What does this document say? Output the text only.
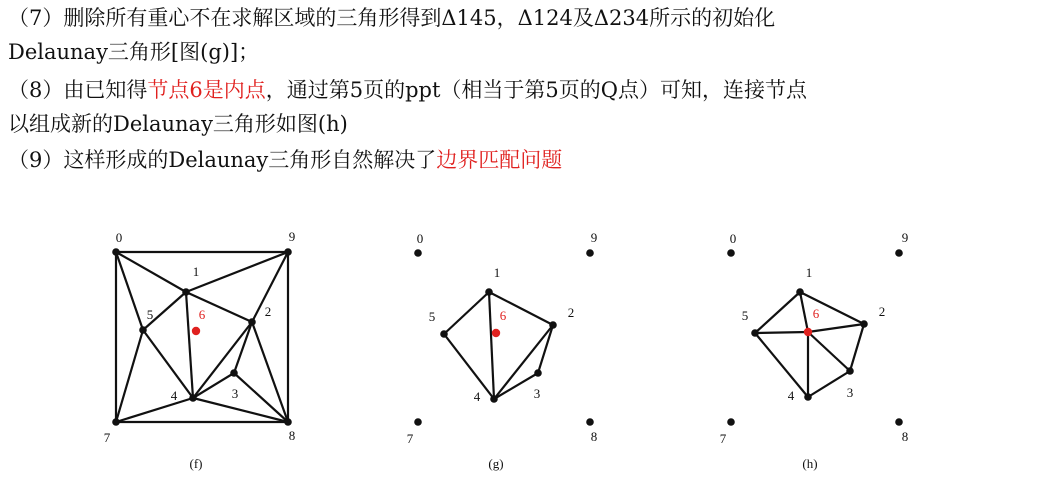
（7）删除所有重心不在求解区域的三角形得到Δ145，Δ124及Δ234所示的初始化
Delaunay三角形[图(g)]；
（8）由已知得节点6是内点，通过第5页的ppt（相当于第5页的Q点）可知，连接节点
以组成新的Delaunay三角形如图(h)
（9）这样形成的Delaunay三角形自然解决了边界匹配问题
0	9
1
2
5	6
3
4
7	8
(f)
0	9
1
2
5	6
3
4
7	8
(g)
0	9
1
2
5	6
3
4
7	8
(h)
